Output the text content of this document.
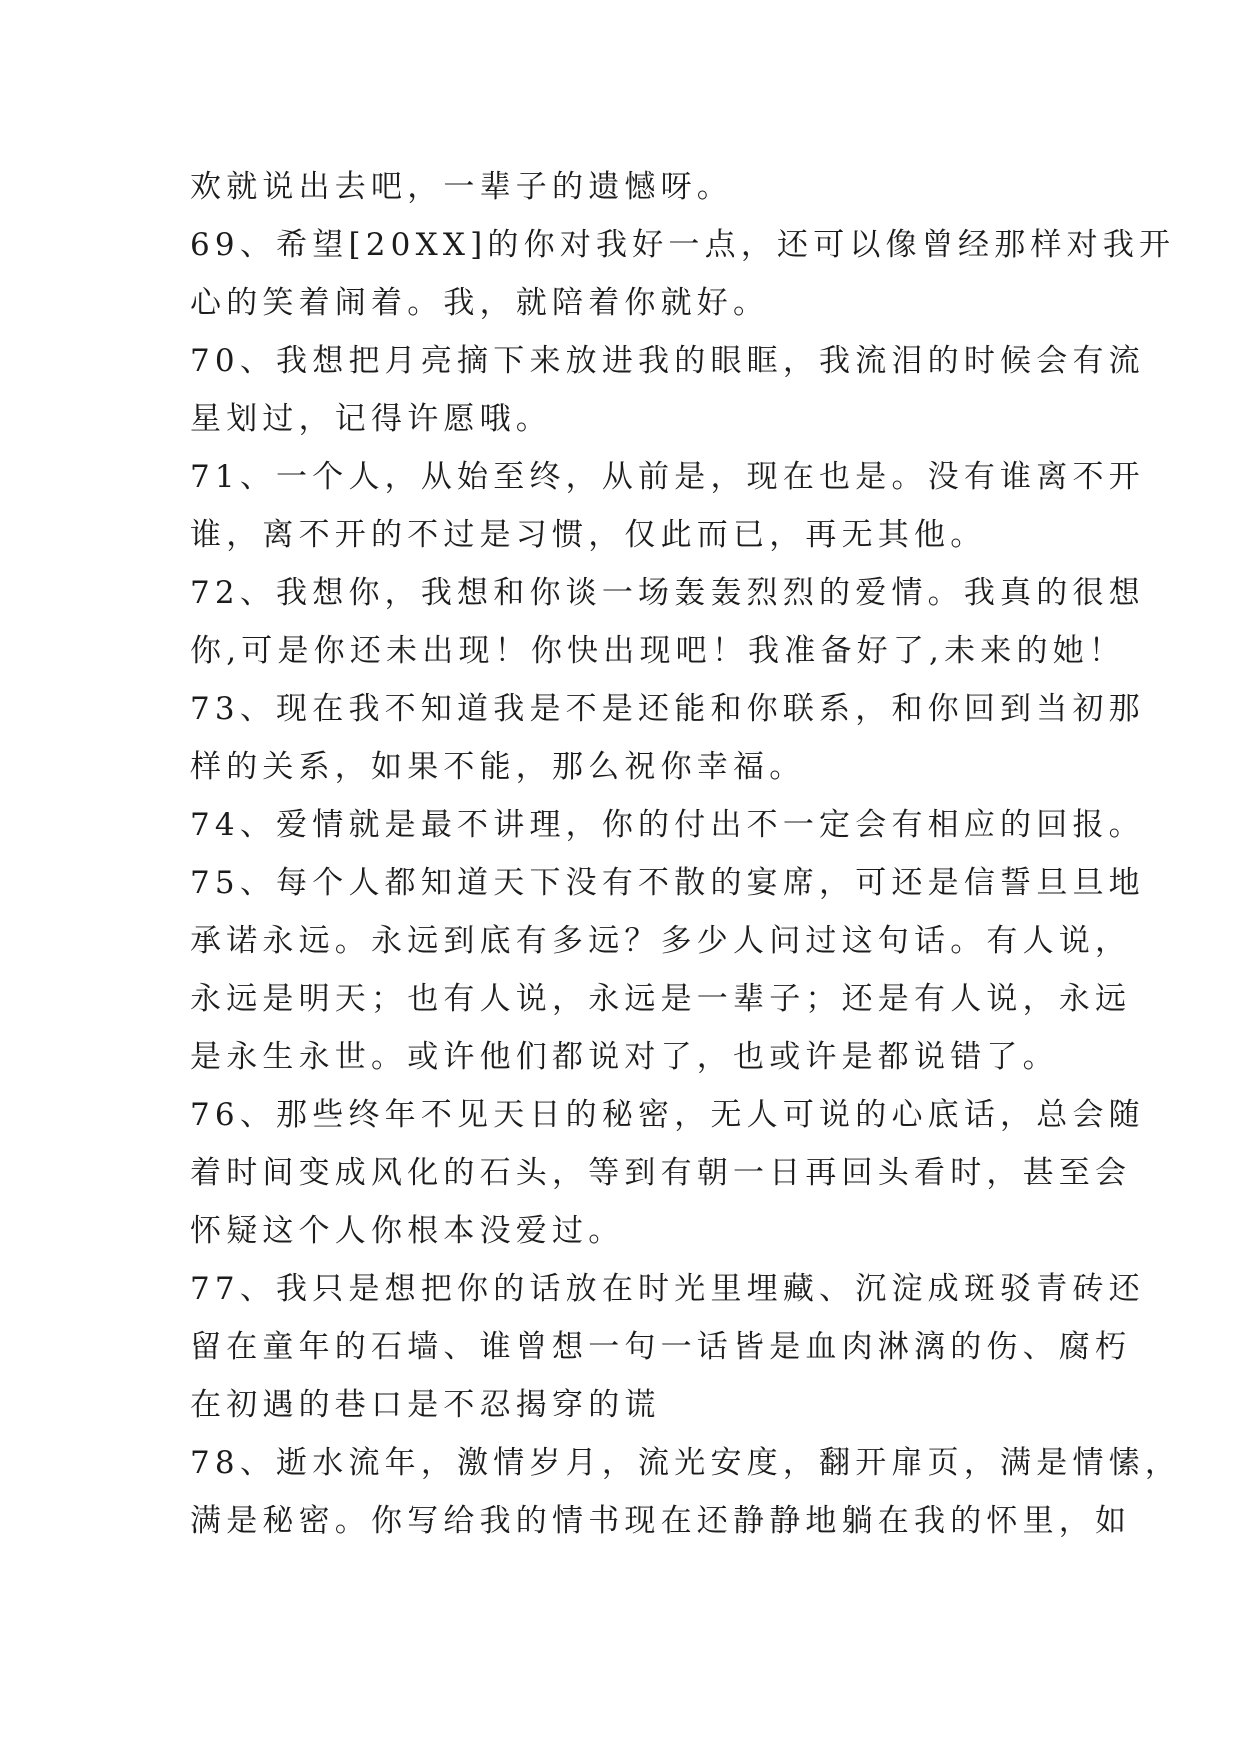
欢就说出去吧，一辈子的遗憾呀。
69、希望[20XX]的你对我好一点，还可以像曾经那样对我开
心的笑着闹着。我，就陪着你就好。
70、我想把月亮摘下来放进我的眼眶，我流泪的时候会有流
星划过，记得许愿哦。
71、一个人，从始至终，从前是，现在也是。没有谁离不开
谁，离不开的不过是习惯，仅此而已，再无其他。
72、我想你，我想和你谈一场轰轰烈烈的爱情。我真的很想
你,可是你还未出现！你快出现吧！我准备好了,未来的她！
73、现在我不知道我是不是还能和你联系，和你回到当初那
样的关系，如果不能，那么祝你幸福。
74、爱情就是最不讲理，你的付出不一定会有相应的回报。
75、每个人都知道天下没有不散的宴席，可还是信誓旦旦地
承诺永远。永远到底有多远？多少人问过这句话。有人说，
永远是明天；也有人说，永远是一辈子；还是有人说，永远
是永生永世。或许他们都说对了，也或许是都说错了。
76、那些终年不见天日的秘密，无人可说的心底话，总会随
着时间变成风化的石头，等到有朝一日再回头看时，甚至会
怀疑这个人你根本没爱过。
77、我只是想把你的话放在时光里埋藏、沉淀成斑驳青砖还
留在童年的石墙、谁曾想一句一话皆是血肉淋漓的伤、腐朽
在初遇的巷口是不忍揭穿的谎
78、逝水流年，激情岁月，流光安度，翻开扉页，满是情愫，
满是秘密。你写给我的情书现在还静静地躺在我的怀里，如
